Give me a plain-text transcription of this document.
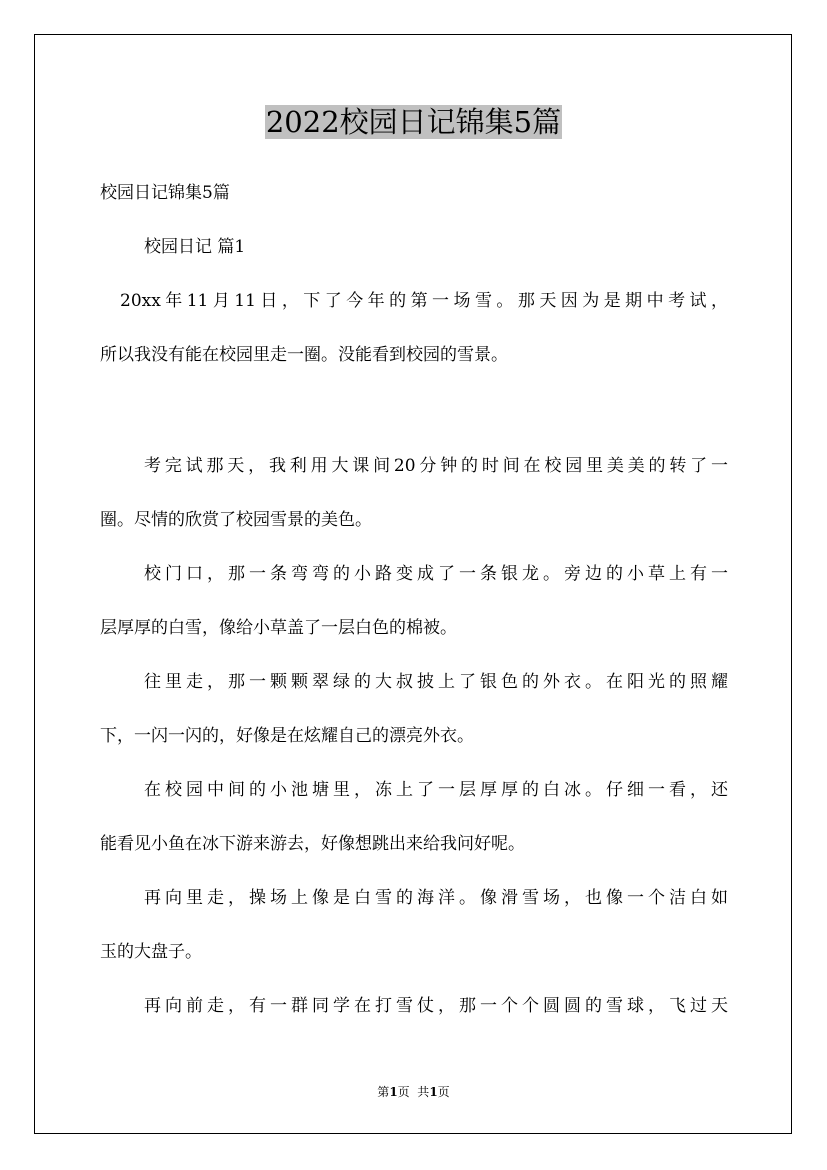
2022校园日记锦集5篇
校园日记锦集5篇
校园日记 篇1
20xx年11月11日，下了今年的第一场雪。那天因为是期中考试，
所以我没有能在校园里走一圈。没能看到校园的雪景。
考完试那天，我利用大课间20分钟的时间在校园里美美的转了一
圈。尽情的欣赏了校园雪景的美色。
校门口，那一条弯弯的小路变成了一条银龙。旁边的小草上有一
层厚厚的白雪，像给小草盖了一层白色的棉被。
往里走，那一颗颗翠绿的大叔披上了银色的外衣。在阳光的照耀
下，一闪一闪的，好像是在炫耀自己的漂亮外衣。
在校园中间的小池塘里，冻上了一层厚厚的白冰。仔细一看，还
能看见小鱼在冰下游来游去，好像想跳出来给我问好呢。
再向里走，操场上像是白雪的海洋。像滑雪场，也像一个洁白如
玉的大盘子。
再向前走，有一群同学在打雪仗，那一个个圆圆的雪球，飞过天
第1页  共1页
